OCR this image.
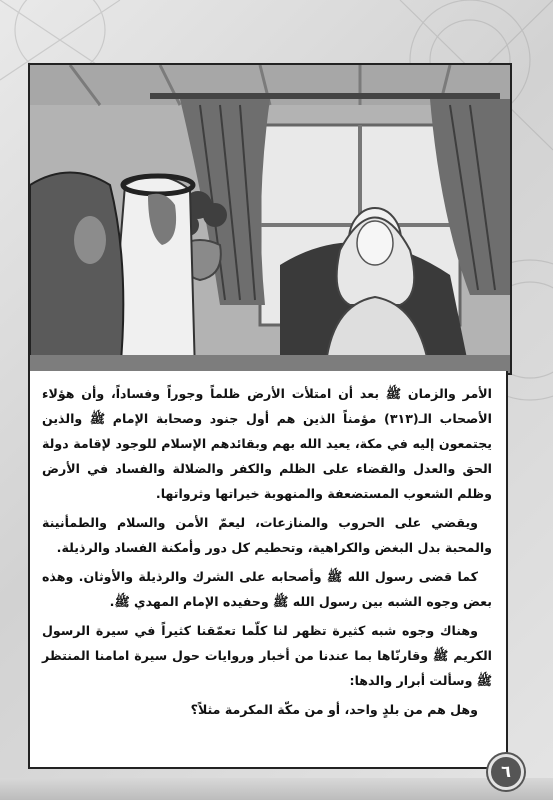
الأمر والزمان ﷺ بعد أن امتلأت الأرض ظلماً وجوراً وفساداً، وأن هؤلاء الأصحاب الـ(٣١٣) مؤمناً الذين هم أول جنود وصحابة الإمام ﷺ والذين يجتمعون إليه في مكة، يعيد الله بهم وبقائدهم الإسلام للوجود لإقامة دولة الحق والعدل والقضاء على الظلم والكفر والضلالة والفساد في الأرض وظلم الشعوب المستضعفة والمنهوبة خيراتها وثرواتها.

ويقضي على الحروب والمنازعات، ليعمّ الأمن والسلام والطمأنينة والمحبة بدل البغض والكراهية، وتحطيم كل دور وأمكنة الفساد والرذيلة.

كما قضى رسول الله ﷺ وأصحابه على الشرك والرذيلة والأوثان. وهذه بعض وجوه الشبه بين رسول الله ﷺ وحفيده الإمام المهدي ﷺ.

وهناك وجوه شبه كثيرة تظهر لنا كلّما تعمّقنا كثيراً في سيرة الرسول الكريم ﷺ وقارنّاها بما عندنا من أخبار وروايات حول سيرة امامنا المنتظر ﷺ وسألت أبرار والدها:

وهل هم من بلدٍ واحد، أو من مكّة المكرمة مثلاً؟

٦
